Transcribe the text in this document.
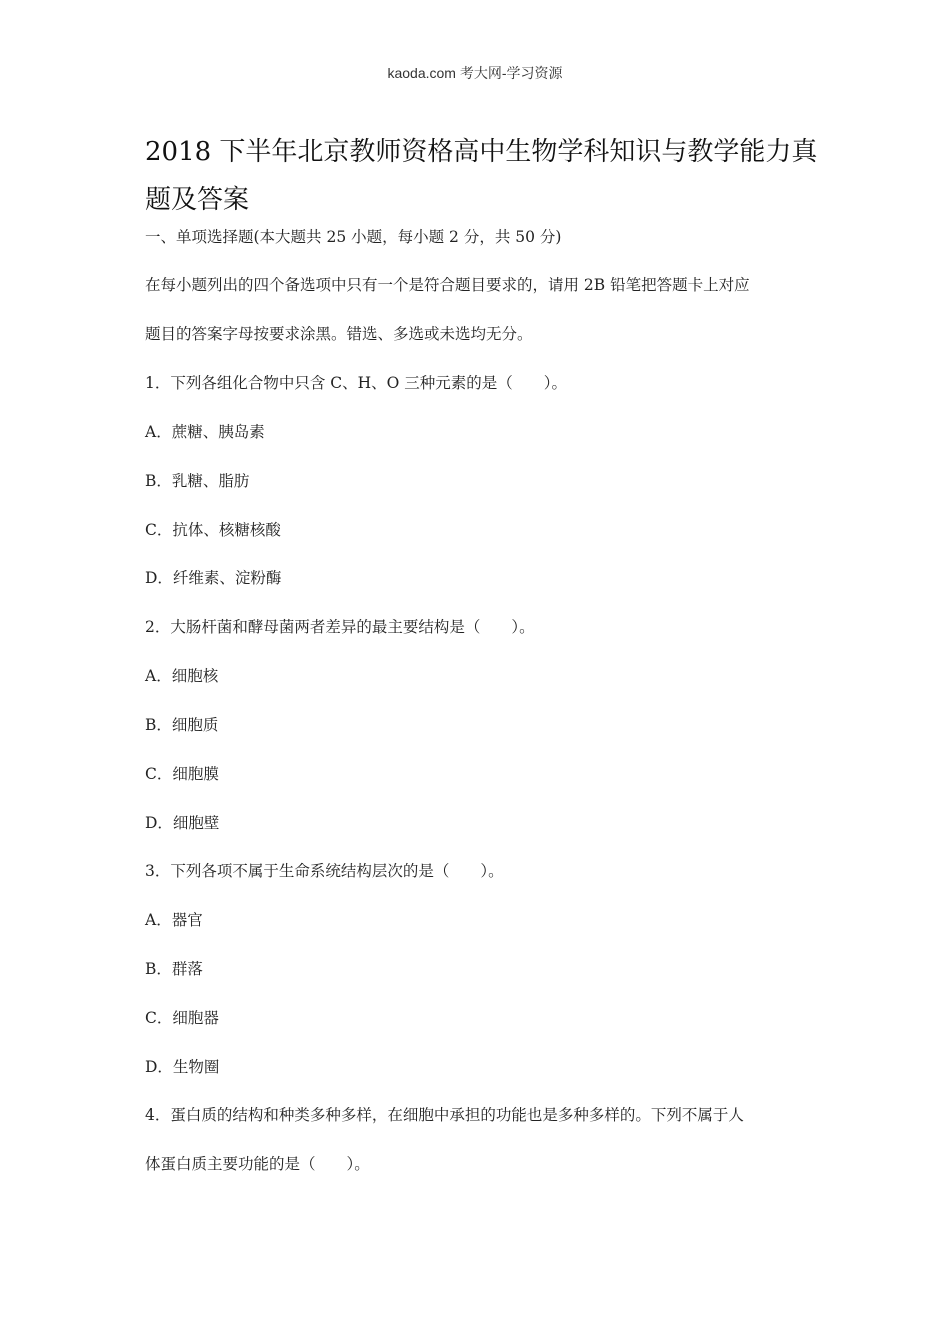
kaoda.com 考大网-学习资源
2018 下半年北京教师资格高中生物学科知识与教学能力真
题及答案
一、单项选择题(本大题共 25 小题，每小题 2 分，共 50 分)
在每小题列出的四个备选项中只有一个是符合题目要求的，请用 2B 铅笔把答题卡上对应
题目的答案字母按要求涂黑。错选、多选或未选均无分。
1．下列各组化合物中只含 C、H、O 三种元素的是（　　）。
A．蔗糖、胰岛素
B．乳糖、脂肪
C．抗体、核糖核酸
D．纤维素、淀粉酶
2．大肠杆菌和酵母菌两者差异的最主要结构是（　　）。
A．细胞核
B．细胞质
C．细胞膜
D．细胞壁
3．下列各项不属于生命系统结构层次的是（　　）。
A．器官
B．群落
C．细胞器
D．生物圈
4．蛋白质的结构和种类多种多样，在细胞中承担的功能也是多种多样的。下列不属于人
体蛋白质主要功能的是（　　）。
